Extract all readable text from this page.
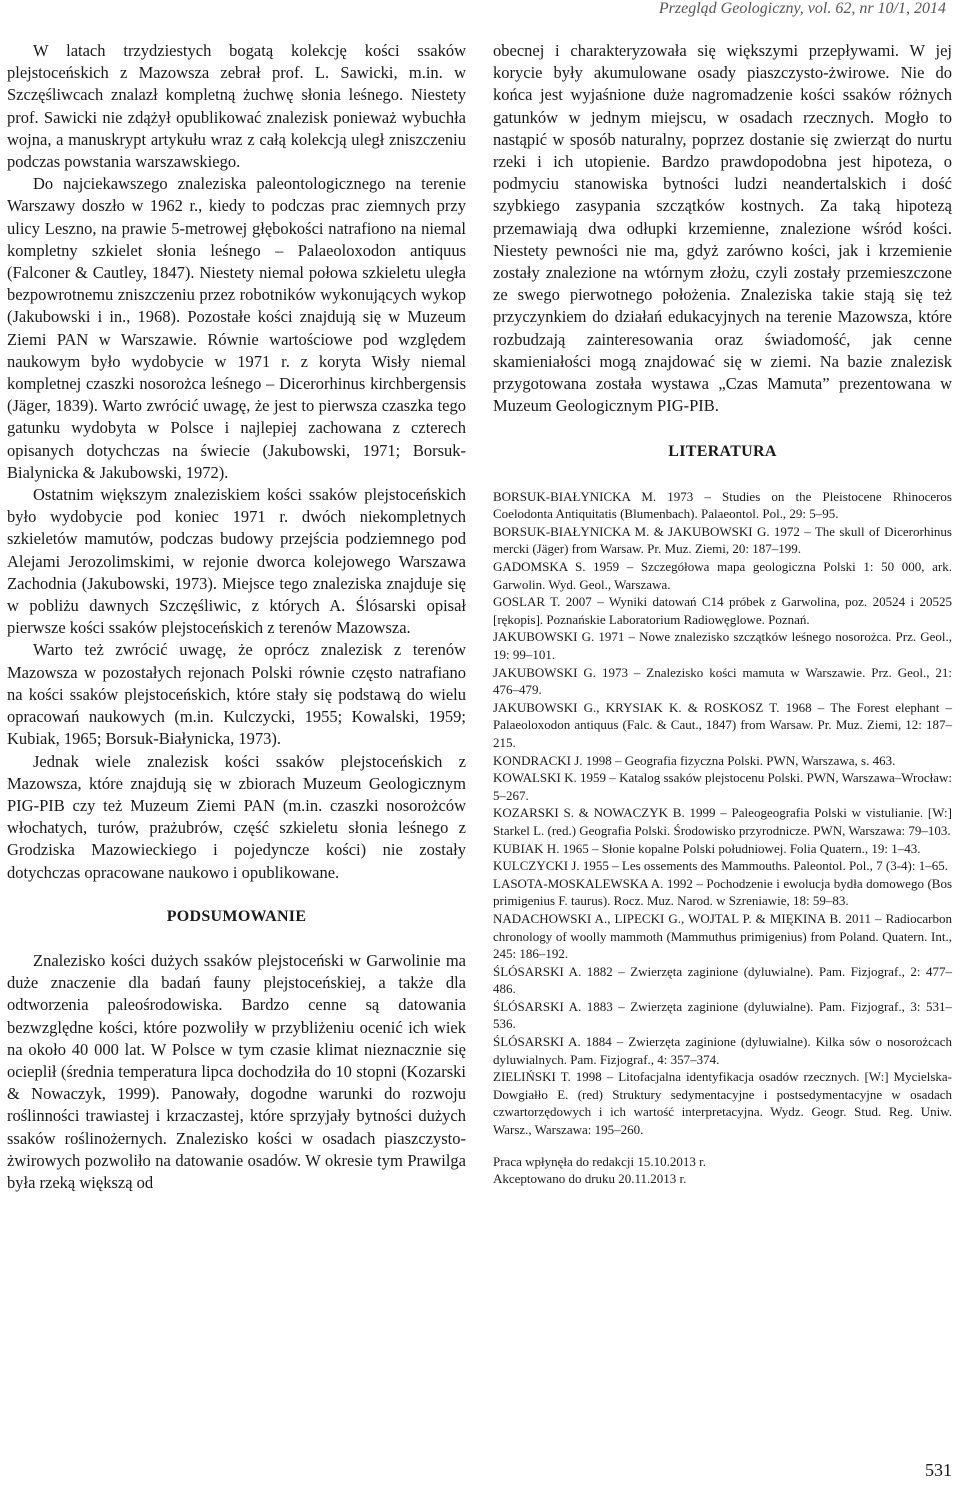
Przegląd Geologiczny, vol. 62, nr 10/1, 2014

W latach trzydziestych bogatą kolekcję kości ssaków plejstoceńskich z Mazowsza zebrał prof. L. Sawicki, m.in. w Szczęśliwcach znalazł kompletną żuchwę słonia leśnego. Niestety prof. Sawicki nie zdążył opublikować znalezisk ponieważ wybuchła wojna, a manuskrypt artykułu wraz z całą kolekcją uległ zniszczeniu podczas powstania warszawskiego.

Do najciekawszego znaleziska paleontologicznego na terenie Warszawy doszło w 1962 r., kiedy to podczas prac ziemnych przy ulicy Leszno, na prawie 5-metrowej głębokości natrafiono na niemal kompletny szkielet słonia leśnego – Palaeoloxodon antiquus (Falconer & Cautley, 1847). Niestety niemal połowa szkieletu uległa bezpowrotnemu zniszczeniu przez robotników wykonujących wykop (Jakubowski i in., 1968). Pozostałe kości znajdują się w Muzeum Ziemi PAN w Warszawie. Równie wartościowe pod względem naukowym było wydobycie w 1971 r. z koryta Wisły niemal kompletnej czaszki nosorożca leśnego – Dicerorhinus kirchbergensis (Jäger, 1839). Warto zwrócić uwagę, że jest to pierwsza czaszka tego gatunku wydobyta w Polsce i najlepiej zachowana z czterech opisanych dotychczas na świecie (Jakubowski, 1971; Borsuk-Bialynicka & Jakubowski, 1972).

Ostatnim większym znaleziskiem kości ssaków plejstoceńskich było wydobycie pod koniec 1971 r. dwóch niekompletnych szkieletów mamutów, podczas budowy przejścia podziemnego pod Alejami Jerozolimskimi, w rejonie dworca kolejowego Warszawa Zachodnia (Jakubowski, 1973). Miejsce tego znaleziska znajduje się w pobliżu dawnych Szczęśliwic, z których A. Ślósarski opisał pierwsze kości ssaków plejstoceńskich z terenów Mazowsza.

Warto też zwrócić uwagę, że oprócz znalezisk z terenów Mazowsza w pozostałych rejonach Polski równie często natrafiano na kości ssaków plejstoceńskich, które stały się podstawą do wielu opracowań naukowych (m.in. Kulczycki, 1955; Kowalski, 1959; Kubiak, 1965; Borsuk-Białynicka, 1973).

Jednak wiele znalezisk kości ssaków plejstoceńskich z Mazowsza, które znajdują się w zbiorach Muzeum Geologicznym PIG-PIB czy też Muzeum Ziemi PAN (m.in. czaszki nosorożców włochatych, turów, prażubrów, część szkieletu słonia leśnego z Grodziska Mazowieckiego i pojedyncze kości) nie zostały dotychczas opracowane naukowo i opublikowane.

PODSUMOWANIE

Znalezisko kości dużych ssaków plejstoceński w Garwolinie ma duże znaczenie dla badań fauny plejstoceńskiej, a także dla odtworzenia paleośrodowiska. Bardzo cenne są datowania bezwzględne kości, które pozwoliły w przybliżeniu ocenić ich wiek na około 40 000 lat. W Polsce w tym czasie klimat nieznacznie się ocieplił (średnia temperatura lipca dochodziła do 10 stopni (Kozarski & Nowaczyk, 1999). Panowały, dogodne warunki do rozwoju roślinności trawiastej i krzaczastej, które sprzyjały bytności dużych ssaków roślinożernych. Znalezisko kości w osadach piaszczysto-żwirowych pozwoliło na datowanie osadów. W okresie tym Prawilga była rzeką większą od

obecnej i charakteryzowała się większymi przepływami. W jej korycie były akumulowane osady piaszczysto-żwirowe. Nie do końca jest wyjaśnione duże nagromadzenie kości ssaków różnych gatunków w jednym miejscu, w osadach rzecznych. Mogło to nastąpić w sposób naturalny, poprzez dostanie się zwierząt do nurtu rzeki i ich utopienie. Bardzo prawdopodobna jest hipoteza, o podmyciu stanowiska bytności ludzi neandertalskich i dość szybkiego zasypania szczątków kostnych. Za taką hipotezą przemawiają dwa odłupki krzemienne, znalezione wśród kości. Niestety pewności nie ma, gdyż zarówno kości, jak i krzemienie zostały znalezione na wtórnym złożu, czyli zostały przemieszczone ze swego pierwotnego położenia. Znaleziska takie stają się też przyczynkiem do działań edukacyjnych na terenie Mazowsza, które rozbudzają zainteresowania oraz świadomość, jak cenne skamieniałości mogą znajdować się w ziemi. Na bazie znalezisk przygotowana została wystawa „Czas Mamuta” prezentowana w Muzeum Geologicznym PIG-PIB.

LITERATURA
BORSUK-BIAŁYNICKA M. 1973 – Studies on the Pleistocene Rhinoceros Coelodonta Antiquitatis (Blumenbach). Palaeontol. Pol., 29: 5–95.
BORSUK-BIAŁYNICKA M. & JAKUBOWSKI G. 1972 – The skull of Dicerorhinus mercki (Jäger) from Warsaw. Pr. Muz. Ziemi, 20: 187–199.
GADOMSKA S. 1959 – Szczegółowa mapa geologiczna Polski 1: 50 000, ark. Garwolin. Wyd. Geol., Warszawa.
GOSLAR T. 2007 – Wyniki datowań C14 próbek z Garwolina, poz. 20524 i 20525 [rękopis]. Poznańskie Laboratorium Radiowęglowe. Poznań.
JAKUBOWSKI G. 1971 – Nowe znalezisko szczątków leśnego nosorożca. Prz. Geol., 19: 99–101.
JAKUBOWSKI G. 1973 – Znalezisko kości mamuta w Warszawie. Prz. Geol., 21: 476–479.
JAKUBOWSKI G., KRYSIAK K. & ROSKOSZ T. 1968 – The Forest elephant – Palaeoloxodon antiquus (Falc. & Caut., 1847) from Warsaw. Pr. Muz. Ziemi, 12: 187–215.
KONDRACKI J. 1998 – Geografia fizyczna Polski. PWN, Warszawa, s. 463.
KOWALSKI K. 1959 – Katalog ssaków plejstocenu Polski. PWN, Warszawa–Wrocław: 5–267.
KOZARSKI S. & NOWACZYK B. 1999 – Paleogeografia Polski w vistulianie. [W:] Starkel L. (red.) Geografia Polski. Środowisko przyrodnicze. PWN, Warszawa: 79–103.
KUBIAK H. 1965 – Słonie kopalne Polski południowej. Folia Quatern., 19: 1–43.
KULCZYCKI J. 1955 – Les ossements des Mammouths. Paleontol. Pol., 7 (3-4): 1–65.
LASOTA-MOSKALEWSKA A. 1992 – Pochodzenie i ewolucja bydła domowego (Bos primigenius F. taurus). Rocz. Muz. Narod. w Szreniawie, 18: 59–83.
NADACHOWSKI A., LIPECKI G., WOJTAL P. & MIĘKINA B. 2011 – Radiocarbon chronology of woolly mammoth (Mammuthus primigenius) from Poland. Quatern. Int., 245: 186–192.
ŚLÓSARSKI A. 1882 – Zwierzęta zaginione (dyluwialne). Pam. Fizjograf., 2: 477–486.
ŚLÓSARSKI A. 1883 – Zwierzęta zaginione (dyluwialne). Pam. Fizjograf., 3: 531–536.
ŚLÓSARSKI A. 1884 – Zwierzęta zaginione (dyluwialne). Kilka sów o nosorożcach dyluwialnych. Pam. Fizjograf., 4: 357–374.
ZIELIŃSKI T. 1998 – Litofacjalna identyfikacja osadów rzecznych. [W:] Mycielska-Dowgiałło E. (red) Struktury sedymentacyjne i postsedymentacyjne w osadach czwartorzędowych i ich wartość interpretacyjna. Wydz. Geogr. Stud. Reg. Uniw. Warsz., Warszawa: 195–260.
Praca wpłynęła do redakcji 15.10.2013 r.
Akceptowano do druku 20.11.2013 r.
531
